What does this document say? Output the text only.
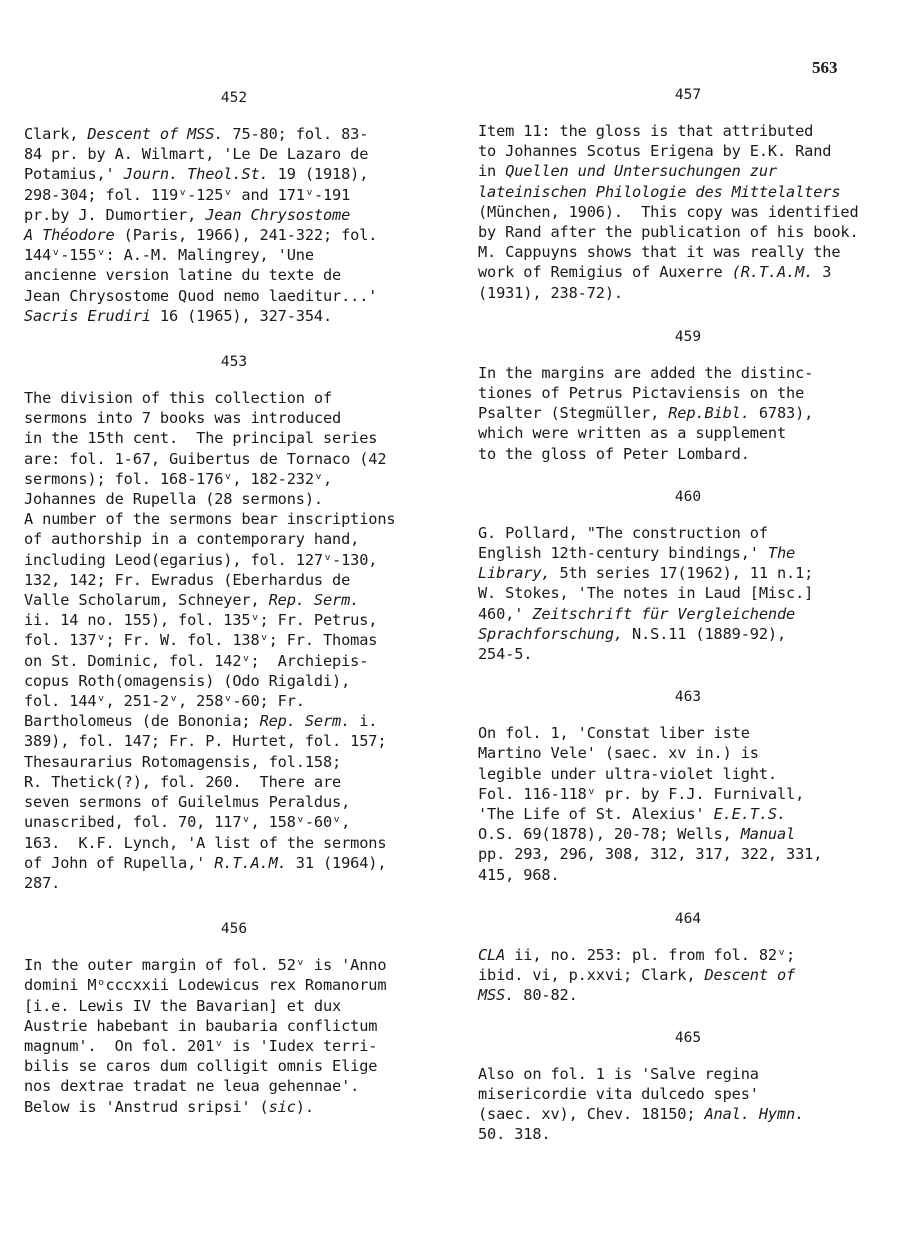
563
452
Clark, Descent of MSS. 75-80; fol. 83-
84 pr. by A. Wilmart, 'Le De Lazaro de
Potamius,' Journ. Theol.St. 19 (1918),
298-304; fol. 119ᵛ-125ᵛ and 171ᵛ-191
pr.by J. Dumortier, Jean Chrysostome
A Théodore (Paris, 1966), 241-322; fol.
144ᵛ-155ᵛ: A.-M. Malingrey, 'Une
ancienne version latine du texte de
Jean Chrysostome Quod nemo laeditur...'
Sacris Erudiri 16 (1965), 327-354.
453
The division of this collection of
sermons into 7 books was introduced
in the 15th cent.  The principal series
are: fol. 1-67, Guibertus de Tornaco (42
sermons); fol. 168-176ᵛ, 182-232ᵛ,
Johannes de Rupella (28 sermons).
A number of the sermons bear inscriptions
of authorship in a contemporary hand,
including Leod(egarius), fol. 127ᵛ-130,
132, 142; Fr. Ewradus (Eberhardus de
Valle Scholarum, Schneyer, Rep. Serm.
ii. 14 no. 155), fol. 135ᵛ; Fr. Petrus,
fol. 137ᵛ; Fr. W. fol. 138ᵛ; Fr. Thomas
on St. Dominic, fol. 142ᵛ;  Archiepis-
copus Roth(omagensis) (Odo Rigaldi),
fol. 144ᵛ, 251-2ᵛ, 258ᵛ-60; Fr.
Bartholomeus (de Bononia; Rep. Serm. i.
389), fol. 147; Fr. P. Hurtet, fol. 157;
Thesaurarius Rotomagensis, fol.158;
R. Thetick(?), fol. 260.  There are
seven sermons of Guilelmus Peraldus,
unascribed, fol. 70, 117ᵛ, 158ᵛ-60ᵛ,
163.  K.F. Lynch, 'A list of the sermons
of John of Rupella,' R.T.A.M. 31 (1964),
287.
456
In the outer margin of fol. 52ᵛ is 'Anno
domini Mᵒcccxxii Lodewicus rex Romanorum
[i.e. Lewis IV the Bavarian] et dux
Austrie habebant in baubaria conflictum
magnum'.  On fol. 201ᵛ is 'Iudex terri-
bilis se caros dum colligit omnis Elige
nos dextrae tradat ne leua gehennae'.
Below is 'Anstrud sripsi' (sic).
457
Item 11: the gloss is that attributed
to Johannes Scotus Erigena by E.K. Rand
in Quellen und Untersuchungen zur
lateinischen Philologie des Mittelalters
(München, 1906).  This copy was identified
by Rand after the publication of his book.
M. Cappuyns shows that it was really the
work of Remigius of Auxerre (R.T.A.M. 3
(1931), 238-72).
459
In the margins are added the distinc-
tiones of Petrus Pictaviensis on the
Psalter (Stegmüller, Rep.Bibl. 6783),
which were written as a supplement
to the gloss of Peter Lombard.
460
G. Pollard, "The construction of
English 12th-century bindings,' The
Library, 5th series 17(1962), 11 n.1;
W. Stokes, 'The notes in Laud [Misc.]
460,' Zeitschrift für Vergleichende
Sprachforschung, N.S.11 (1889-92),
254-5.
463
On fol. 1, 'Constat liber iste
Martino Vele' (saec. xv in.) is
legible under ultra-violet light.
Fol. 116-118ᵛ pr. by F.J. Furnivall,
'The Life of St. Alexius' E.E.T.S.
O.S. 69(1878), 20-78; Wells, Manual
pp. 293, 296, 308, 312, 317, 322, 331,
415, 968.
464
CLA ii, no. 253: pl. from fol. 82ᵛ;
ibid. vi, p.xxvi; Clark, Descent of
MSS. 80-82.
465
Also on fol. 1 is 'Salve regina
misericordie vita dulcedo spes'
(saec. xv), Chev. 18150; Anal. Hymn.
50. 318.
